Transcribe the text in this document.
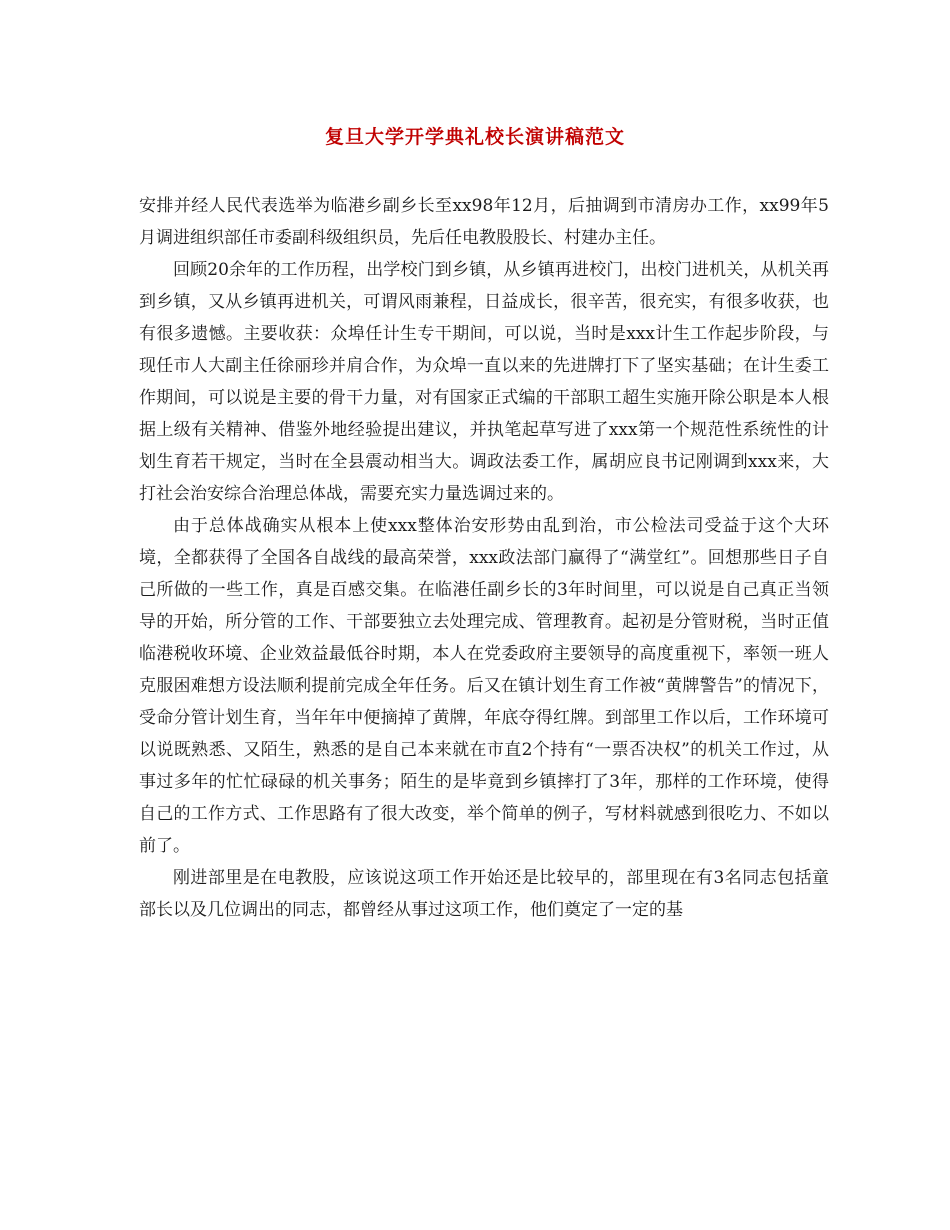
复旦大学开学典礼校长演讲稿范文

安排并经人民代表选举为临港乡副乡长至xx98年12月，后抽调到市清房办工作，xx99年5月调进组织部任市委副科级组织员，先后任电教股股长、村建办主任。

回顾20余年的工作历程，出学校门到乡镇，从乡镇再进校门，出校门进机关，从机关再到乡镇，又从乡镇再进机关，可谓风雨兼程，日益成长，很辛苦，很充实，有很多收获，也有很多遗憾。主要收获：众埠任计生专干期间，可以说，当时是xxx计生工作起步阶段，与现任市人大副主任徐丽珍并肩合作，为众埠一直以来的先进牌打下了坚实基础；在计生委工作期间，可以说是主要的骨干力量，对有国家正式编的干部职工超生实施开除公职是本人根据上级有关精神、借鉴外地经验提出建议，并执笔起草写进了xxx第一个规范性系统性的计划生育若干规定，当时在全县震动相当大。调政法委工作，属胡应良书记刚调到xxx来，大打社会治安综合治理总体战，需要充实力量选调过来的。

由于总体战确实从根本上使xxx整体治安形势由乱到治，市公检法司受益于这个大环境，全都获得了全国各自战线的最高荣誉，xxx政法部门赢得了“满堂红”。回想那些日子自己所做的一些工作，真是百感交集。在临港任副乡长的3年时间里，可以说是自己真正当领导的开始，所分管的工作、干部要独立去处理完成、管理教育。起初是分管财税，当时正值临港税收环境、企业效益最低谷时期，本人在党委政府主要领导的高度重视下，率领一班人克服困难想方设法顺利提前完成全年任务。后又在镇计划生育工作被“黄牌警告”的情况下，受命分管计划生育，当年年中便摘掉了黄牌，年底夺得红牌。到部里工作以后，工作环境可以说既熟悉、又陌生，熟悉的是自己本来就在市直2个持有“一票否决权”的机关工作过，从事过多年的忙忙碌碌的机关事务；陌生的是毕竟到乡镇摔打了3年，那样的工作环境，使得自己的工作方式、工作思路有了很大改变，举个简单的例子，写材料就感到很吃力、不如以前了。

刚进部里是在电教股，应该说这项工作开始还是比较早的，部里现在有3名同志包括童部长以及几位调出的同志，都曾经从事过这项工作，他们奠定了一定的基
